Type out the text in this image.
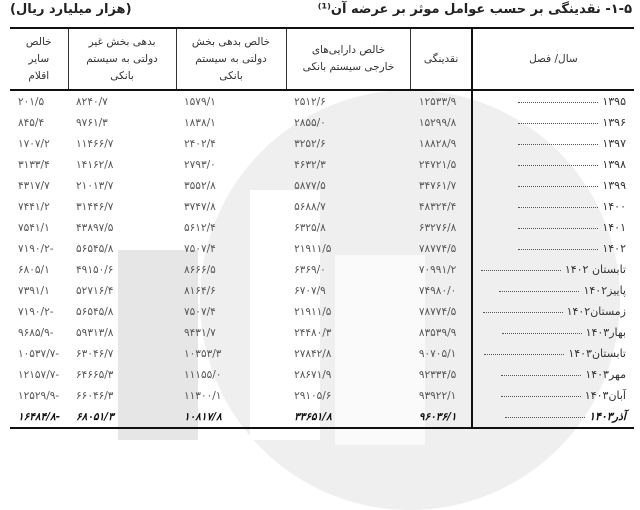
۱-۵- نقدینگی بر حسب عوامل موثر بر عرضه آن⁽¹⁾
(هزار میلیارد ریال)
سال/ فصل	نقدینگی	خالص دارایی‌های خارجی سیستم بانکی	خالص بدهی بخش دولتی به سیستم بانکی	بدهی بخش غیر دولتی به سیستم بانکی	خالص سایر اقلام
۱۳۹۵	۱۲۵۳۳/۹	۲۵۱۲/۶	۱۵۷۹/۱	۸۲۴۰/۷	۲۰۱/۵
۱۳۹۶	۱۵۲۹۹/۸	۲۸۵۵/۰	۱۸۳۸/۱	۹۷۶۱/۳	۸۴۵/۴
۱۳۹۷	۱۸۸۲۸/۹	۳۲۵۲/۶	۲۴۰۲/۴	۱۱۴۶۶/۷	۱۷۰۷/۲
۱۳۹۸	۲۴۷۲۱/۵	۴۶۳۲/۳	۲۷۹۳/۰	۱۴۱۶۲/۸	۳۱۳۳/۴
۱۳۹۹	۳۴۷۶۱/۷	۵۸۷۷/۵	۳۵۵۲/۸	۲۱۰۱۳/۷	۴۳۱۷/۷
۱۴۰۰	۴۸۳۲۴/۴	۵۶۸۸/۷	۳۷۴۷/۸	۳۱۴۴۶/۷	۷۴۴۱/۲
۱۴۰۱	۶۳۲۷۶/۸	۶۳۲۵/۸	۵۶۱۲/۴	۴۳۸۹۷/۵	۷۵۴۱/۱
۱۴۰۲	۷۸۷۷۴/۵	۲۱۹۱۱/۵	۷۵۰۷/۴	۵۶۵۴۵/۸	-۷۱۹۰/۲
تابستان ۱۴۰۲	۷۰۹۹۱/۲	۶۳۶۹/۰	۸۶۶۶/۵	۴۹۱۵۰/۶	۶۸۰۵/۱
پاییز۱۴۰۲	۷۴۹۸۰/۰	۶۷۰۷/۹	۸۱۶۴/۶	۵۲۷۱۶/۴	۷۳۹۱/۱
زمستان۱۴۰۲	۷۸۷۷۴/۵	۲۱۹۱۱/۵	۷۵۰۷/۴	۵۶۵۴۵/۸	-۷۱۹۰/۲
بهار۱۴۰۳	۸۳۵۳۹/۹	۲۴۴۸۰/۳	۹۴۳۱/۷	۵۹۳۱۳/۸	-۹۶۸۵/۹
تابستان۱۴۰۳	۹۰۷۰۵/۱	۲۷۸۴۲/۸	۱۰۳۵۳/۳	۶۳۰۴۶/۷	-۱۰۵۳۷/۷
مهر۱۴۰۳	۹۲۳۳۴/۵	۲۸۶۷۱/۹	۱۱۱۵۵/۰	۶۴۶۶۵/۳	-۱۲۱۵۷/۷
آبان۱۴۰۳	۹۳۹۲۲/۱	۲۹۱۰۵/۶	۱۱۳۰۰/۱	۶۶۰۴۶/۳	-۱۲۵۲۹/۹
آذر۱۴۰۳	۹۶۰۳۶/۱	۳۳۶۵۱/۸	۱۰۸۱۷/۸	۶۸۰۵۱/۳	-۱۶۴۸۴/۸
